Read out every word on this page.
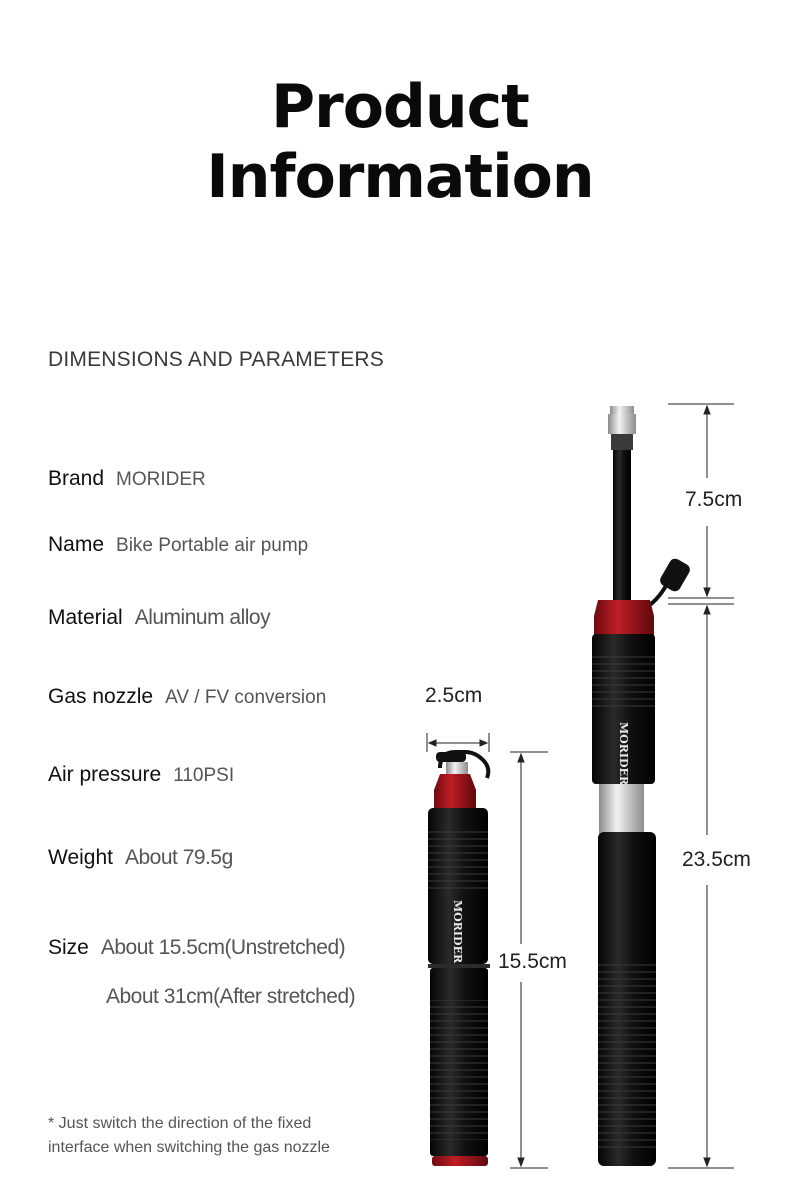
Product
Information
DIMENSIONS AND PARAMETERS
Brand MORIDER
Name Bike Portable air pump
Material Aluminum alloy
Gas nozzle AV / FV conversion
Air pressure 110PSI
Weight About 79.5g
Size About 15.5cm(Unstretched)
About 31cm(After stretched)
* Just switch the direction of the fixed
interface when switching the gas nozzle
2.5cm
15.5cm
7.5cm
23.5cm
MORIDER
MORIDER
